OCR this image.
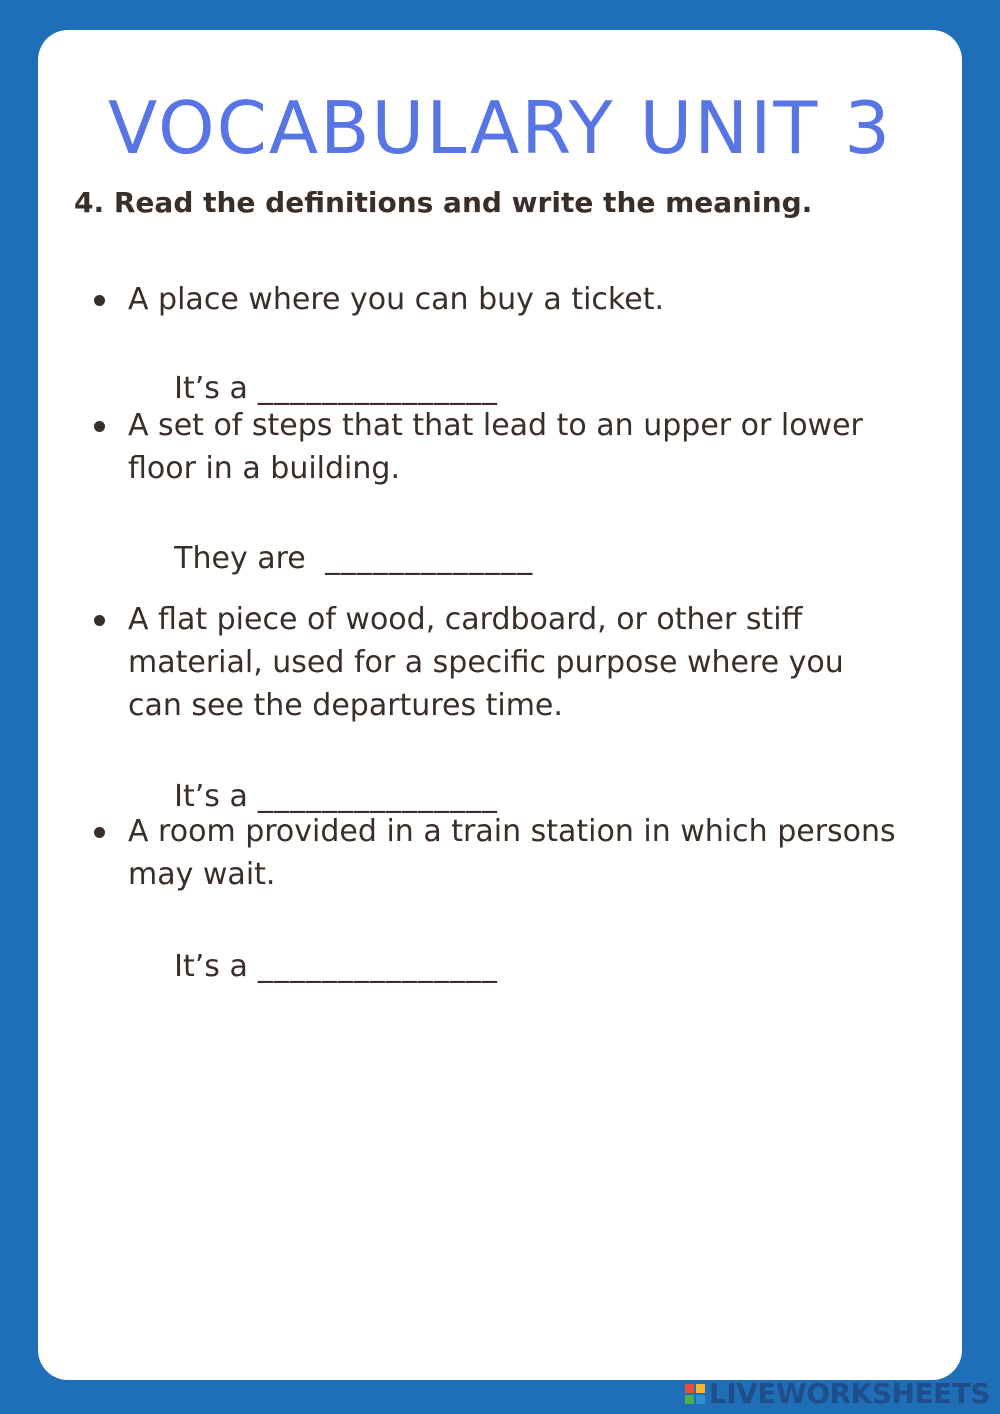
VOCABULARY UNIT 3

4. Read the definitions and write the meaning.

A place where you can buy a ticket.

It’s a _______________

A set of steps that that lead to an upper or lower floor in a building.

They are _____________

A flat piece of wood, cardboard, or other stiff material, used for a specific purpose where you can see the departures time.

It’s a _______________

A room provided in a train station in which persons may wait.

It’s a _______________

LIVEWORKSHEETS
